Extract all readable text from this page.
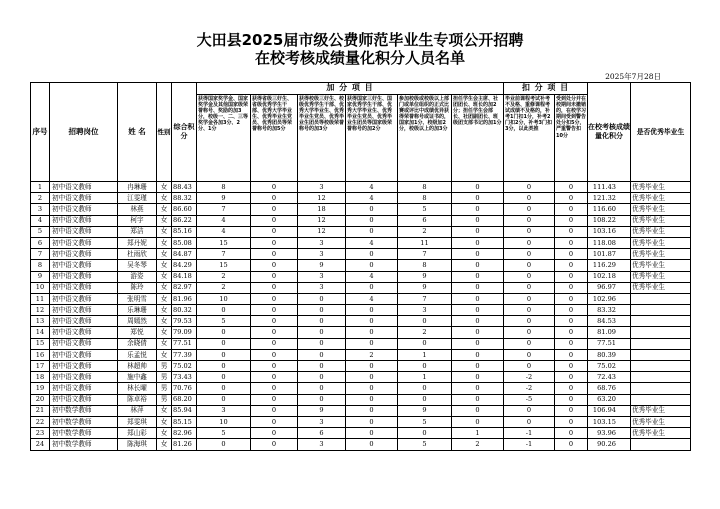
大田县2025届市级公费师范毕业生专项公开招聘
在校考核成绩量化积分人员名单
2025年7月28日
序号	招聘岗位	姓 名	性别	综合积分	加 分 项 目						扣 分 项 目		在校考核成绩量化积分	是否优秀毕业生
					获得国家奖学金、国家奖学金及其他国家级荣誉称号、奖励的加3分，校级一、二、三等奖学金各加3分、2分、1分	获得省级三好生、省级优秀学生干部、优秀大学毕业生、优秀毕业生党员、优秀团员等荣誉称号的加5分	获得校级三好生、校级优秀学生干部、优秀大学毕业生、优秀毕业生党员、优秀毕业生团员等校级荣誉称号的加3分	获得国家三好生、国家优秀学生干部、优秀大学毕业生、优秀毕业生党员、优秀毕业生团员等国家级荣誉称号的加2分	参加校级或校级以上部门或单位组织的正式比赛或评比中成绩优异获得荣誉称号或证书的，国家加1分、校级加2分，校级以上的加3分	担任学生会主席、社团团长、班长的加2分；担任学生会部长、社团副团长、班级团支部书记的加1分	毕业前课程考试补考不及格、重修课程考试成绩不及格的，补考1门扣1分，补考2门扣2分，补考3门扣3分，以此类推	受到处分并在校期间未撤销的，在校学习期间受到警告处分扣5分，严重警告扣10分		
1	初中语文教师	冉琳珊	女	88.43	8	0	3	4	8	0	0	0	111.43	优秀毕业生
2	初中语文教师	江雯瑾	女	88.32	9	0	12	4	8	0	0	0	121.32	优秀毕业生
3	初中语文教师	林燕	女	86.60	7	0	18	0	5	0	0	0	116.60	优秀毕业生
4	初中语文教师	柯宇	女	86.22	4	0	12	0	6	0	0	0	108.22	优秀毕业生
5	初中语文教师	郑洁	女	85.16	4	0	12	0	2	0	0	0	103.16	优秀毕业生
6	初中语文教师	郑丹妮	女	85.08	15	0	3	4	11	0	0	0	118.08	优秀毕业生
7	初中语文教师	杜雨欣	女	84.87	7	0	3	0	7	0	0	0	101.87	优秀毕业生
8	初中语文教师	吴冬琴	女	84.29	15	0	9	0	8	0	0	0	116.29	优秀毕业生
9	初中语文教师	游姿	女	84.18	2	0	3	4	9	0	0	0	102.18	优秀毕业生
10	初中语文教师	陈玲	女	82.97	2	0	3	0	9	0	0	0	96.97	优秀毕业生
11	初中语文教师	张明雪	女	81.96	10	0	0	4	7	0	0	0	102.96	
12	初中语文教师	乐琳珊	女	80.32	0	0	0	0	3	0	0	0	83.32	
13	初中语文教师	周嫣然	女	79.53	5	0	0	0	0	0	0	0	84.53	
14	初中语文教师	郑悦	女	79.09	0	0	0	0	2	0	0	0	81.09	
15	初中语文教师	余晓倩	女	77.51	0	0	0	0	0	0	0	0	77.51	
16	初中语文教师	乐孟悦	女	77.39	0	0	0	2	1	0	0	0	80.39	
17	初中语文教师	林超帅	男	75.02	0	0	0	0	0	0	0	0	75.02	
18	初中语文教师	施中鑫	男	73.43	0	0	0	0	1	0	-2	0	72.43	
19	初中语文教师	林长曜	男	70.76	0	0	0	0	0	0	-2	0	68.76	
20	初中语文教师	陈卓裕	男	68.20	0	0	0	0	0	0	-5	0	63.20	
21	初中数学教师	林萍	女	85.94	3	0	9	0	9	0	0	0	106.94	优秀毕业生
22	初中数学教师	郑雯琪	女	85.15	10	0	3	0	5	0	0	0	103.15	优秀毕业生
23	初中数学教师	郑山彩	女	82.96	5	0	6	0	0	1	-1	0	93.96	优秀毕业生
24	初中数学教师	陈海琪	女	81.26	0	0	3	0	5	2	-1	0	90.26	
